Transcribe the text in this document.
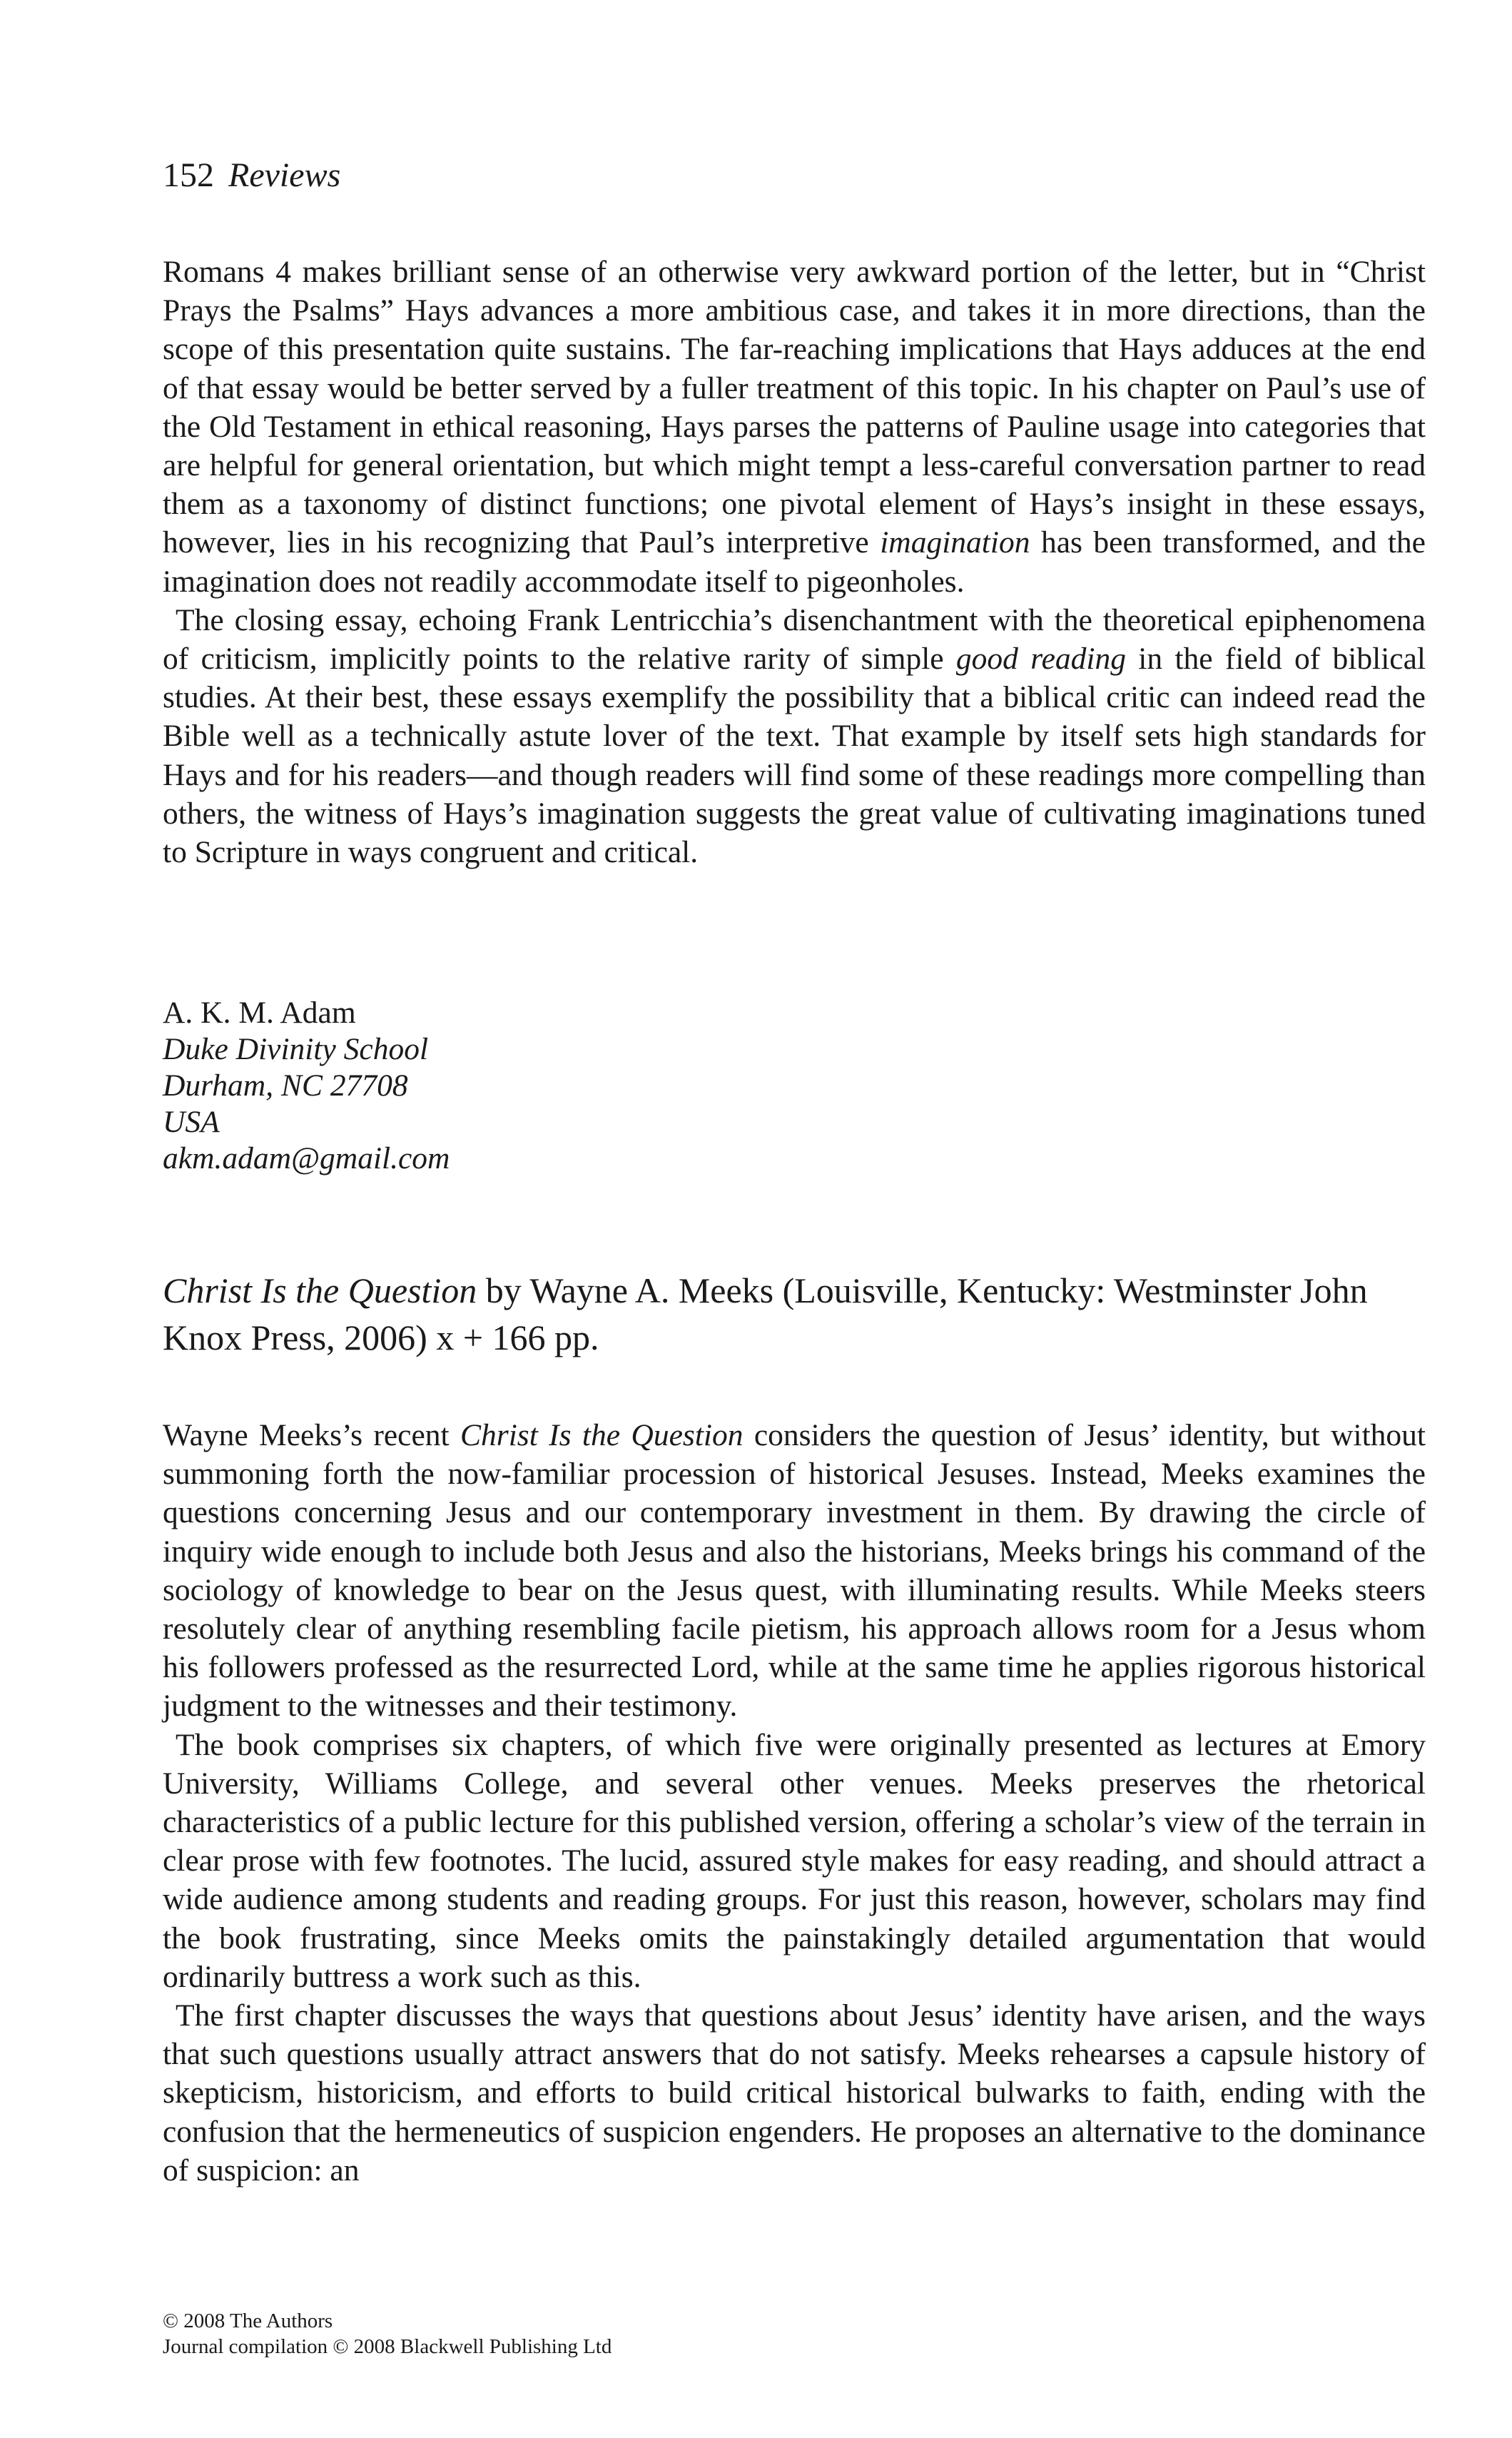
152 Reviews

Romans 4 makes brilliant sense of an otherwise very awkward portion of the letter, but in “Christ Prays the Psalms” Hays advances a more ambitious case, and takes it in more directions, than the scope of this presentation quite sustains. The far-reaching implications that Hays adduces at the end of that essay would be better served by a fuller treatment of this topic. In his chapter on Paul’s use of the Old Testament in ethical reasoning, Hays parses the patterns of Pauline usage into categories that are helpful for general orientation, but which might tempt a less-careful conversation partner to read them as a taxonomy of distinct functions; one pivotal element of Hays’s insight in these essays, however, lies in his recognizing that Paul’s interpretive imagination has been transformed, and the imagination does not readily accommodate itself to pigeonholes.

The closing essay, echoing Frank Lentricchia’s disenchantment with the theoretical epiphenomena of criticism, implicitly points to the relative rarity of simple good reading in the field of biblical studies. At their best, these essays exemplify the possibility that a biblical critic can indeed read the Bible well as a technically astute lover of the text. That example by itself sets high standards for Hays and for his readers—and though readers will find some of these readings more compelling than others, the witness of Hays’s imagination suggests the great value of cultivating imaginations tuned to Scripture in ways congruent and critical.

A. K. M. Adam
Duke Divinity School
Durham, NC 27708
USA
akm.adam@gmail.com
Christ Is the Question by Wayne A. Meeks (Louisville, Kentucky: Westminster John Knox Press, 2006) x + 166 pp.

Wayne Meeks’s recent Christ Is the Question considers the question of Jesus’ identity, but without summoning forth the now-familiar procession of historical Jesuses. Instead, Meeks examines the questions concerning Jesus and our contemporary investment in them. By drawing the circle of inquiry wide enough to include both Jesus and also the historians, Meeks brings his command of the sociology of knowledge to bear on the Jesus quest, with illuminating results. While Meeks steers resolutely clear of anything resembling facile pietism, his approach allows room for a Jesus whom his followers professed as the resurrected Lord, while at the same time he applies rigorous historical judgment to the witnesses and their testimony.

The book comprises six chapters, of which five were originally presented as lectures at Emory University, Williams College, and several other venues. Meeks preserves the rhetorical characteristics of a public lecture for this published version, offering a scholar’s view of the terrain in clear prose with few footnotes. The lucid, assured style makes for easy reading, and should attract a wide audience among students and reading groups. For just this reason, however, scholars may find the book frustrating, since Meeks omits the painstakingly detailed argumentation that would ordinarily buttress a work such as this.

The first chapter discusses the ways that questions about Jesus’ identity have arisen, and the ways that such questions usually attract answers that do not satisfy. Meeks rehearses a capsule history of skepticism, historicism, and efforts to build critical historical bulwarks to faith, ending with the confusion that the hermeneutics of suspicion engenders. He proposes an alternative to the dominance of suspicion: an

© 2008 The Authors
Journal compilation © 2008 Blackwell Publishing Ltd
